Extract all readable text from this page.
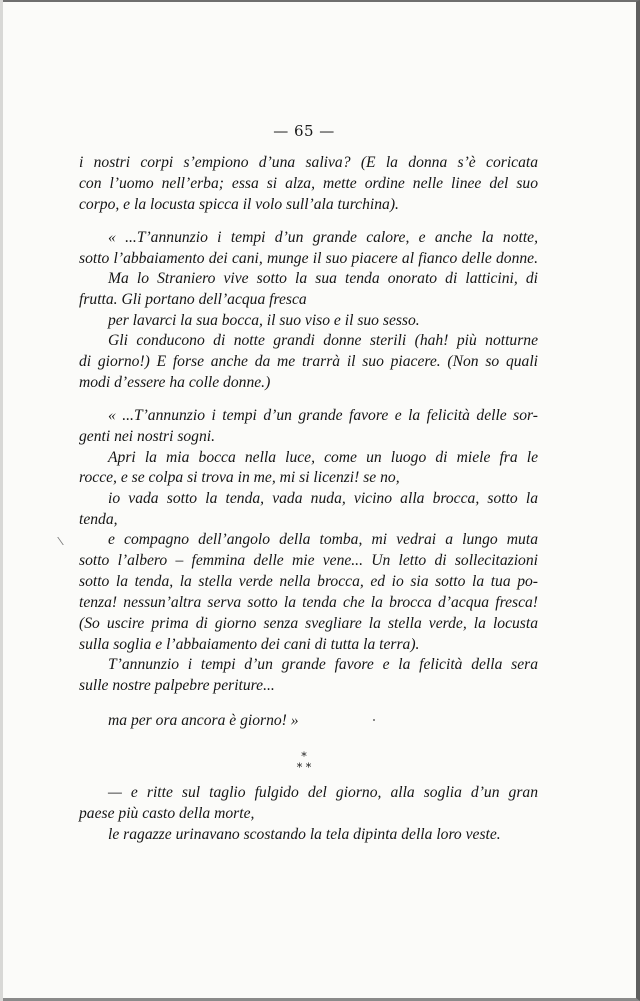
— 65 —
i nostri corpi s’empiono d’una saliva? (E la donna s’è coricata
con l’uomo nell’erba; essa si alza, mette ordine nelle linee del suo
corpo, e la locusta spicca il volo sull’ala turchina).
« ...T’annunzio i tempi d’un grande calore, e anche la notte,
sotto l’abbaiamento dei cani, munge il suo piacere al fianco delle donne.
Ma lo Straniero vive sotto la sua tenda onorato di latticini, di
frutta. Gli portano dell’acqua fresca
per lavarci la sua bocca, il suo viso e il suo sesso.
Gli conducono di notte grandi donne sterili (hah! più notturne
di giorno!) E forse anche da me trarrà il suo piacere. (Non so quali
modi d’essere ha colle donne.)
« ...T’annunzio i tempi d’un grande favore e la felicità delle sor-
genti nei nostri sogni.
Apri la mia bocca nella luce, come un luogo di miele fra le
rocce, e se colpa si trova in me, mi si licenzi! se no,
io vada sotto la tenda, vada nuda, vicino alla brocca, sotto la
tenda,
e compagno dell’angolo della tomba, mi vedrai a lungo muta
sotto l’albero – femmina delle mie vene... Un letto di sollecitazioni
sotto la tenda, la stella verde nella brocca, ed io sia sotto la tua po-
tenza! nessun’altra serva sotto la tenda che la brocca d’acqua fresca!
(So uscire prima di giorno senza svegliare la stella verde, la locusta
sulla soglia e l’abbaiamento dei cani di tutta la terra).
T’annunzio i tempi d’un grande favore e la felicità della sera
sulle nostre palpebre periture...
ma per ora ancora è giorno! »
*
* *
— e ritte sul taglio fulgido del giorno, alla soglia d’un gran
paese più casto della morte,
le ragazze urinavano scostando la tela dipinta della loro veste.
